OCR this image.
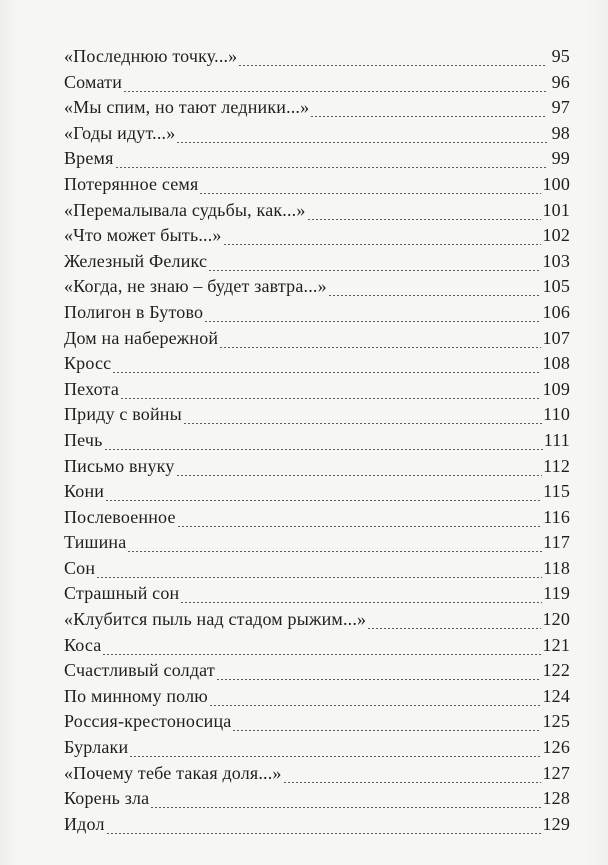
«Последнюю точку...»	95
Сомати	96
«Мы спим, но тают ледники...»	97
«Годы идут...»	98
Время	99
Потерянное семя	100
«Перемалывала судьбы, как...»	101
«Что может быть...»	102
Железный Феликс	103
«Когда, не знаю – будет завтра...»	105
Полигон в Бутово	106
Дом на набережной	107
Кросс	108
Пехота	109
Приду с войны	110
Печь	111
Письмо внуку	112
Кони	115
Послевоенное	116
Тишина	117
Сон	118
Страшный сон	119
«Клубится пыль над стадом рыжим...»	120
Коса	121
Счастливый солдат	122
По минному полю	124
Россия-крестоносица	125
Бурлаки	126
«Почему тебе такая доля...»	127
Корень зла	128
Идол	129
